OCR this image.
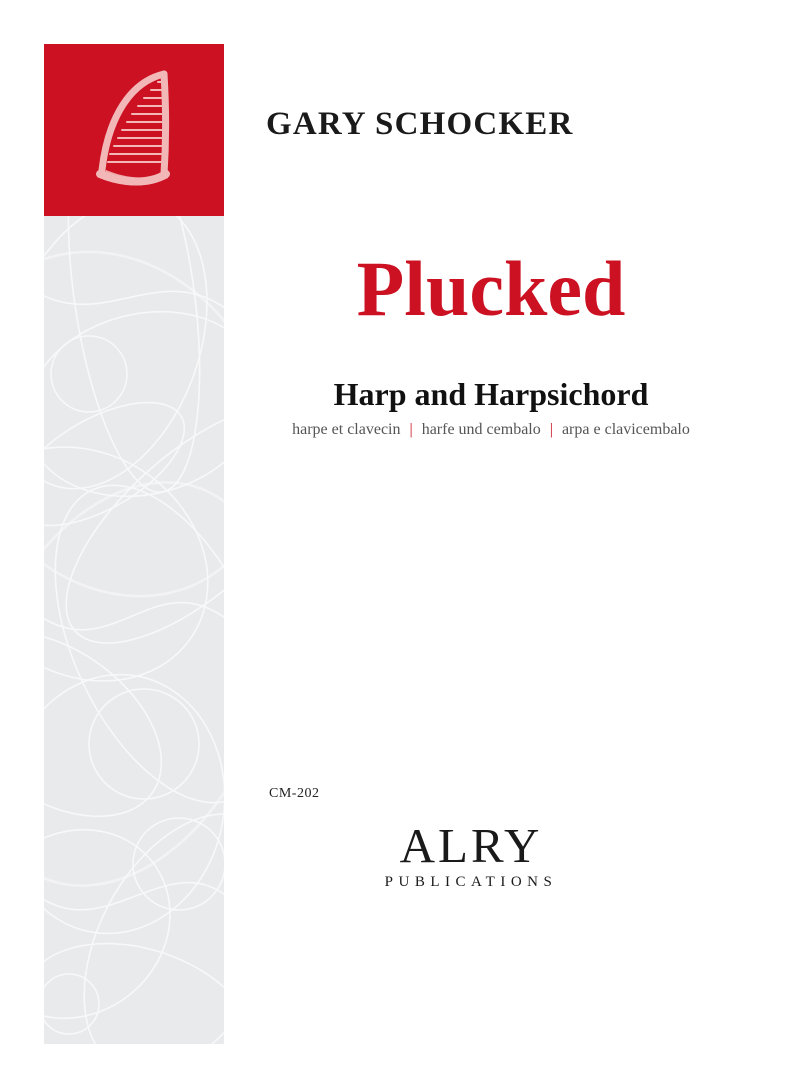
GARY SCHOCKER
Plucked
Harp and Harpsichord
harpe et clavecin | harfe und cembalo | arpa e clavicembalo
CM-202
ALRY
PUBLICATIONS
